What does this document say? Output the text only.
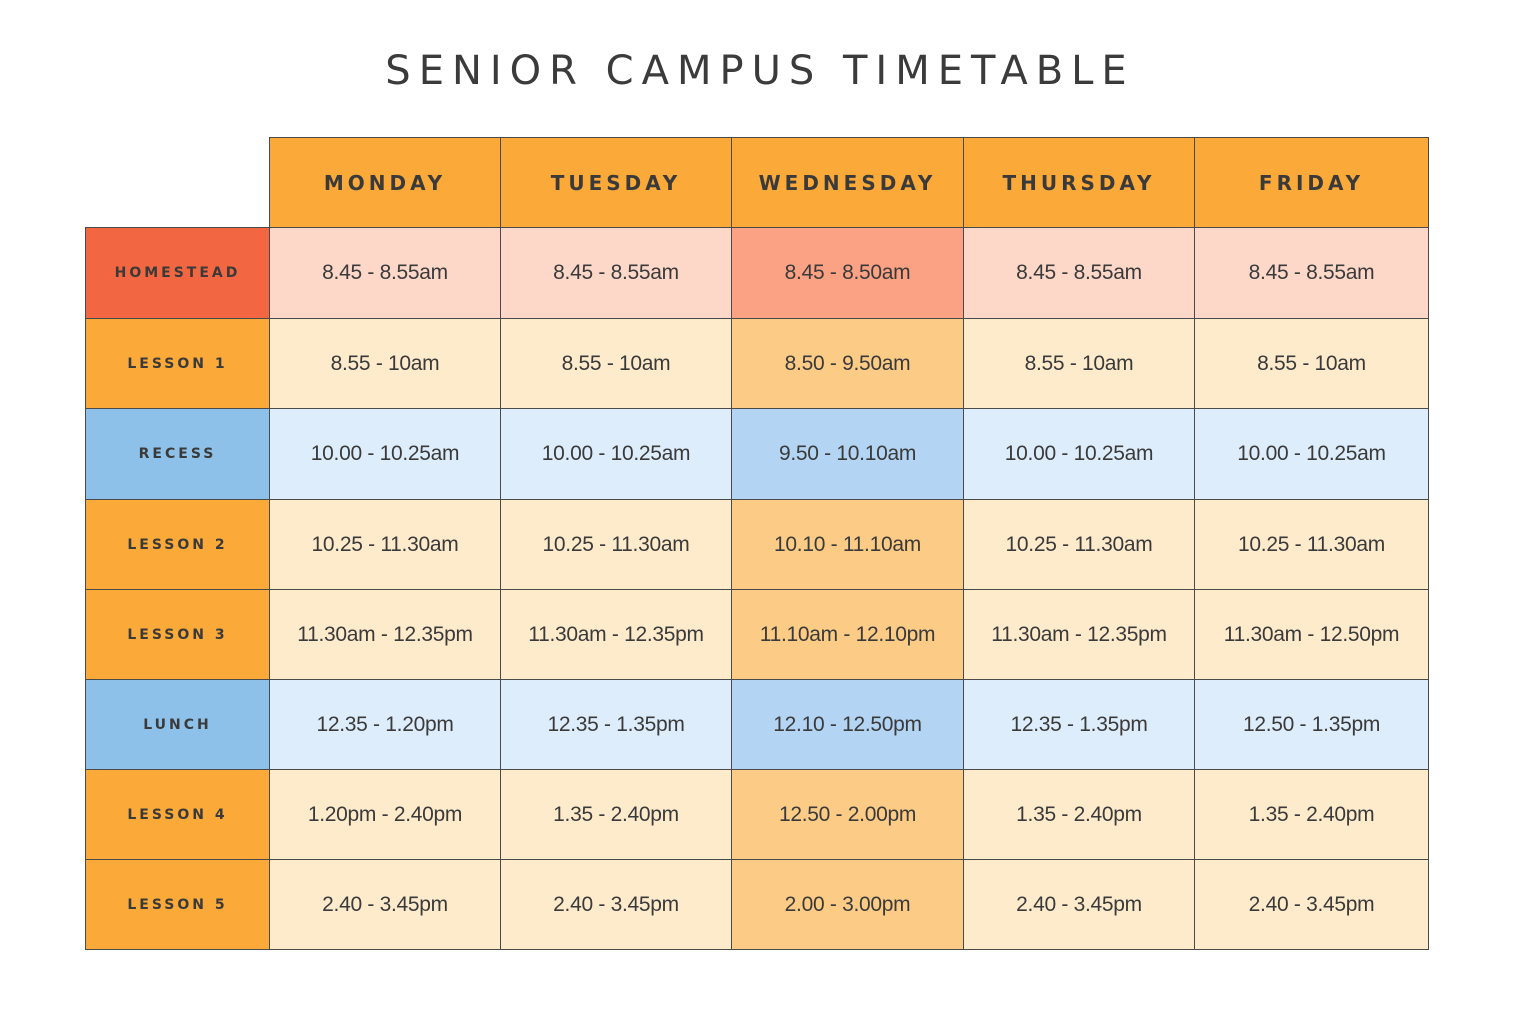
SENIOR CAMPUS TIMETABLE
MONDAY	TUESDAY	WEDNESDAY	THURSDAY	FRIDAY
HOMESTEAD	8.45 - 8.55am	8.45 - 8.55am	8.45 - 8.50am	8.45 - 8.55am	8.45 - 8.55am
LESSON 1	8.55 - 10am	8.55 - 10am	8.50 - 9.50am	8.55 - 10am	8.55 - 10am
RECESS	10.00 - 10.25am	10.00 - 10.25am	9.50 - 10.10am	10.00 - 10.25am	10.00 - 10.25am
LESSON 2	10.25 - 11.30am	10.25 - 11.30am	10.10 - 11.10am	10.25 - 11.30am	10.25 - 11.30am
LESSON 3	11.30am - 12.35pm	11.30am - 12.35pm	11.10am - 12.10pm	11.30am - 12.35pm	11.30am - 12.50pm
LUNCH	12.35 - 1.20pm	12.35 - 1.35pm	12.10 - 12.50pm	12.35 - 1.35pm	12.50 - 1.35pm
LESSON 4	1.20pm - 2.40pm	1.35 - 2.40pm	12.50 - 2.00pm	1.35 - 2.40pm	1.35 - 2.40pm
LESSON 5	2.40 - 3.45pm	2.40 - 3.45pm	2.00 - 3.00pm	2.40 - 3.45pm	2.40 - 3.45pm
